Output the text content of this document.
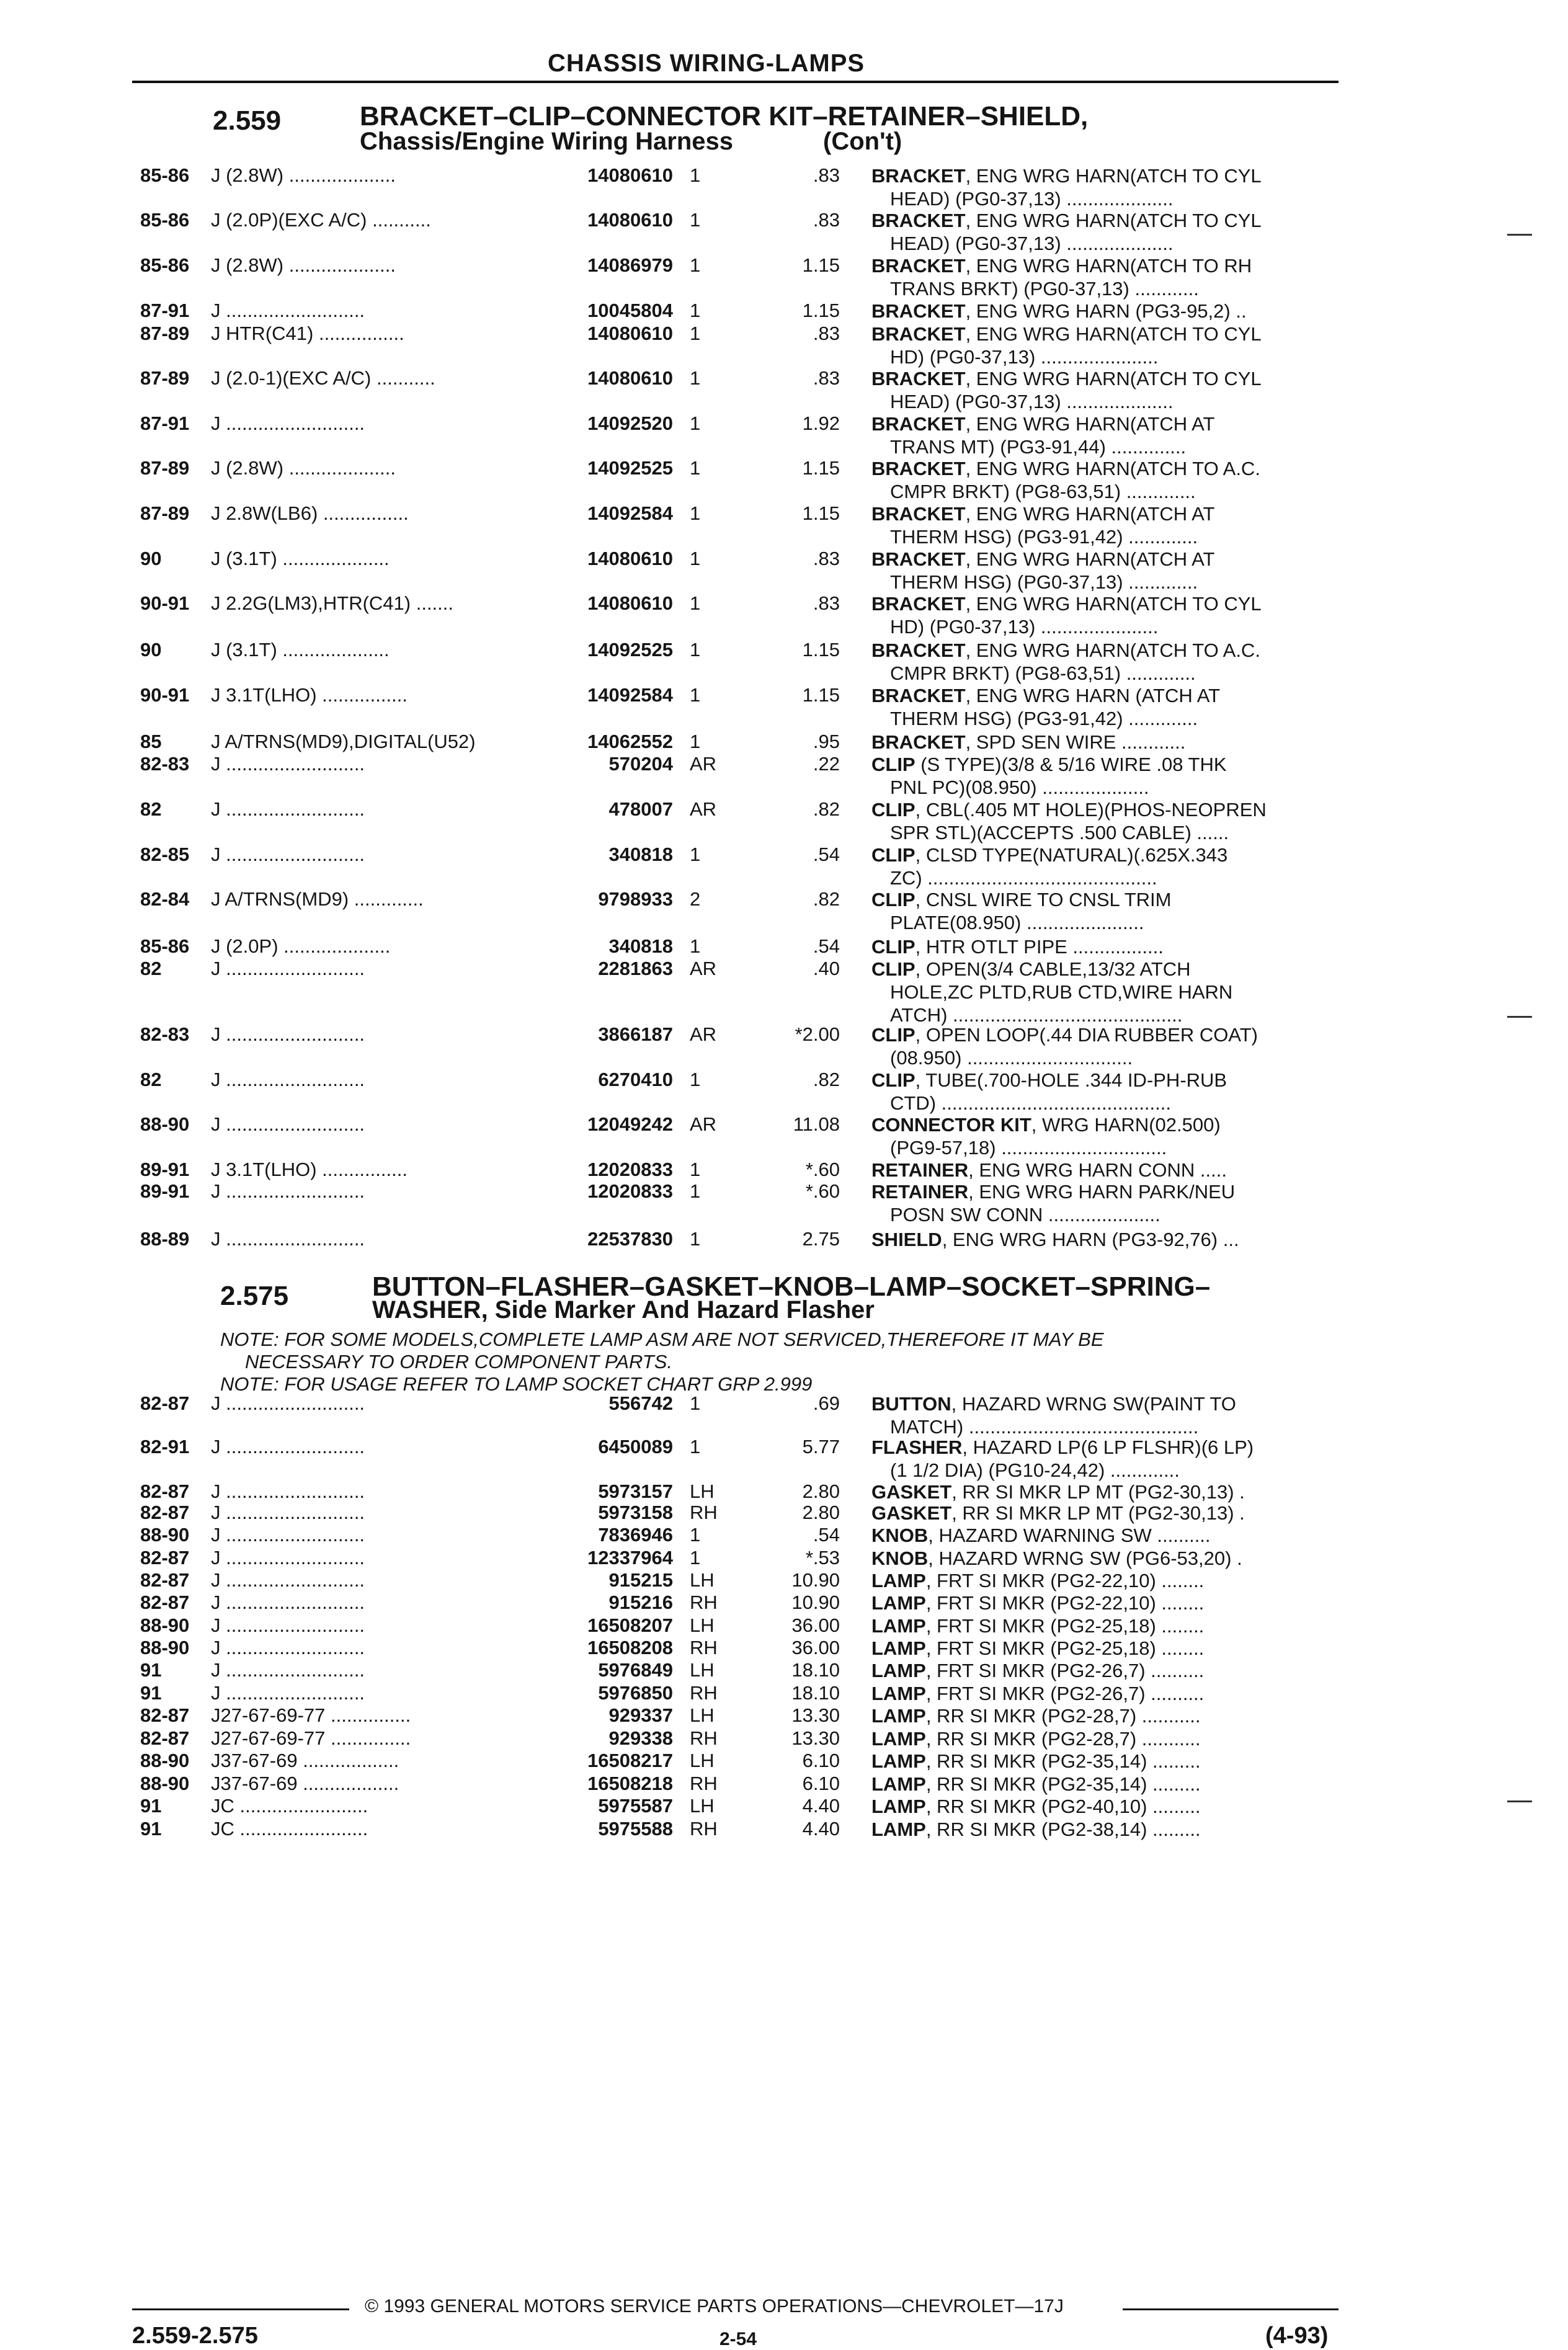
CHASSIS WIRING-LAMPS
2.559	BRACKET–CLIP–CONNECTOR KIT–RETAINER–SHIELD,
Chassis/Engine Wiring Harness	(Con't)
85-86 J (2.8W) ....................	14080610 1	.83 BRACKET, ENG WRG HARN(ATCH TO CYL
HEAD) (PG0-37,13) ....................
85-86 J (2.0P)(EXC A/C) ...........	14080610 1	.83 BRACKET, ENG WRG HARN(ATCH TO CYL
HEAD) (PG0-37,13) ....................
85-86 J (2.8W) ....................	14086979 1	1.15 BRACKET, ENG WRG HARN(ATCH TO RH
TRANS BRKT) (PG0-37,13) ............
87-91 J ..........................	10045804 1	1.15 BRACKET, ENG WRG HARN (PG3-95,2) ..
87-89 J HTR(C41) ................	14080610 1	.83 BRACKET, ENG WRG HARN(ATCH TO CYL
HD) (PG0-37,13) ......................
87-89 J (2.0-1)(EXC A/C) ...........	14080610 1	.83 BRACKET, ENG WRG HARN(ATCH TO CYL
HEAD) (PG0-37,13) ....................
87-91 J ..........................	14092520 1	1.92 BRACKET, ENG WRG HARN(ATCH AT
TRANS MT) (PG3-91,44) ..............
87-89 J (2.8W) ....................	14092525 1	1.15 BRACKET, ENG WRG HARN(ATCH TO A.C.
CMPR BRKT) (PG8-63,51) .............
87-89 J 2.8W(LB6) ................	14092584 1	1.15 BRACKET, ENG WRG HARN(ATCH AT
THERM HSG) (PG3-91,42) .............
90	J (3.1T) ....................	14080610 1	.83 BRACKET, ENG WRG HARN(ATCH AT
THERM HSG) (PG0-37,13) .............
90-91 J 2.2G(LM3),HTR(C41) .......	14080610 1	.83 BRACKET, ENG WRG HARN(ATCH TO CYL
HD) (PG0-37,13) ......................
90	J (3.1T) ....................	14092525 1	1.15 BRACKET, ENG WRG HARN(ATCH TO A.C.
CMPR BRKT) (PG8-63,51) .............
90-91 J 3.1T(LHO) ................	14092584 1	1.15 BRACKET, ENG WRG HARN (ATCH AT
THERM HSG) (PG3-91,42) .............
85	J A/TRNS(MD9),DIGITAL(U52)	14062552 1	.95 BRACKET, SPD SEN WIRE ............
82-83 J ..........................	570204 AR	.22 CLIP (S TYPE)(3/8 & 5/16 WIRE .08 THK
PNL PC)(08.950) ....................
82	J ..........................	478007 AR	.82 CLIP, CBL(.405 MT HOLE)(PHOS-NEOPREN
SPR STL)(ACCEPTS .500 CABLE) ......
82-85 J ..........................	340818 1	.54 CLIP, CLSD TYPE(NATURAL)(.625X.343
ZC) ...........................................
82-84 J A/TRNS(MD9) .............	9798933 2	.82 CLIP, CNSL WIRE TO CNSL TRIM
PLATE(08.950) ......................
85-86 J (2.0P) ....................	340818 1	.54 CLIP, HTR OTLT PIPE .................
82	J ..........................	2281863 AR	.40 CLIP, OPEN(3/4 CABLE,13/32 ATCH
HOLE,ZC PLTD,RUB CTD,WIRE HARN
ATCH) ...........................................
82-83 J ..........................	3866187 AR	*2.00 CLIP, OPEN LOOP(.44 DIA RUBBER COAT)
(08.950) ...............................
82	J ..........................	6270410 1	.82 CLIP, TUBE(.700-HOLE .344 ID-PH-RUB
CTD) ...........................................
88-90 J ..........................	12049242 AR	11.08 CONNECTOR KIT, WRG HARN(02.500)
(PG9-57,18) ...............................
89-91 J 3.1T(LHO) ................	12020833 1	*.60 RETAINER, ENG WRG HARN CONN .....
89-91 J ..........................	12020833 1	*.60 RETAINER, ENG WRG HARN PARK/NEU
POSN SW CONN .....................
88-89 J ..........................	22537830 1	2.75 SHIELD, ENG WRG HARN (PG3-92,76) ...
2.575	BUTTON–FLASHER–GASKET–KNOB–LAMP–SOCKET–SPRING–
WASHER, Side Marker And Hazard Flasher
NOTE: FOR SOME MODELS,COMPLETE LAMP ASM ARE NOT SERVICED,THEREFORE IT MAY BE
NECESSARY TO ORDER COMPONENT PARTS.
NOTE: FOR USAGE REFER TO LAMP SOCKET CHART GRP 2.999
82-87 J ..........................	556742 1	.69 BUTTON, HAZARD WRNG SW(PAINT TO
MATCH) ...........................................
82-91 J ..........................	6450089 1	5.77 FLASHER, HAZARD LP(6 LP FLSHR)(6 LP)
(1 1/2 DIA) (PG10-24,42) .............
82-87 J ..........................	5973157 LH	2.80 GASKET, RR SI MKR LP MT (PG2-30,13) .
82-87 J ..........................	5973158 RH	2.80 GASKET, RR SI MKR LP MT (PG2-30,13) .
88-90 J ..........................	7836946 1	.54 KNOB, HAZARD WARNING SW ..........
82-87 J ..........................	12337964 1	*.53 KNOB, HAZARD WRNG SW (PG6-53,20) .
82-87 J ..........................	915215 LH	10.90 LAMP, FRT SI MKR (PG2-22,10) ........
82-87 J ..........................	915216 RH	10.90 LAMP, FRT SI MKR (PG2-22,10) ........
88-90 J ..........................	16508207 LH	36.00 LAMP, FRT SI MKR (PG2-25,18) ........
88-90 J ..........................	16508208 RH	36.00 LAMP, FRT SI MKR (PG2-25,18) ........
91	J ..........................	5976849 LH	18.10 LAMP, FRT SI MKR (PG2-26,7) ..........
91	J ..........................	5976850 RH	18.10 LAMP, FRT SI MKR (PG2-26,7) ..........
82-87 J27-67-69-77 ...............	929337 LH	13.30 LAMP, RR SI MKR (PG2-28,7) ...........
82-87 J27-67-69-77 ...............	929338 RH	13.30 LAMP, RR SI MKR (PG2-28,7) ...........
88-90 J37-67-69 ..................	16508217 LH	6.10 LAMP, RR SI MKR (PG2-35,14) .........
88-90 J37-67-69 ..................	16508218 RH	6.10 LAMP, RR SI MKR (PG2-35,14) .........
91	JC ........................	5975587 LH	4.40 LAMP, RR SI MKR (PG2-40,10) .........
91	JC ........................	5975588 RH	4.40 LAMP, RR SI MKR (PG2-38,14) .........
© 1993 GENERAL MOTORS SERVICE PARTS OPERATIONS—CHEVROLET—17J
2.559-2.575	2-54	(4-93)
